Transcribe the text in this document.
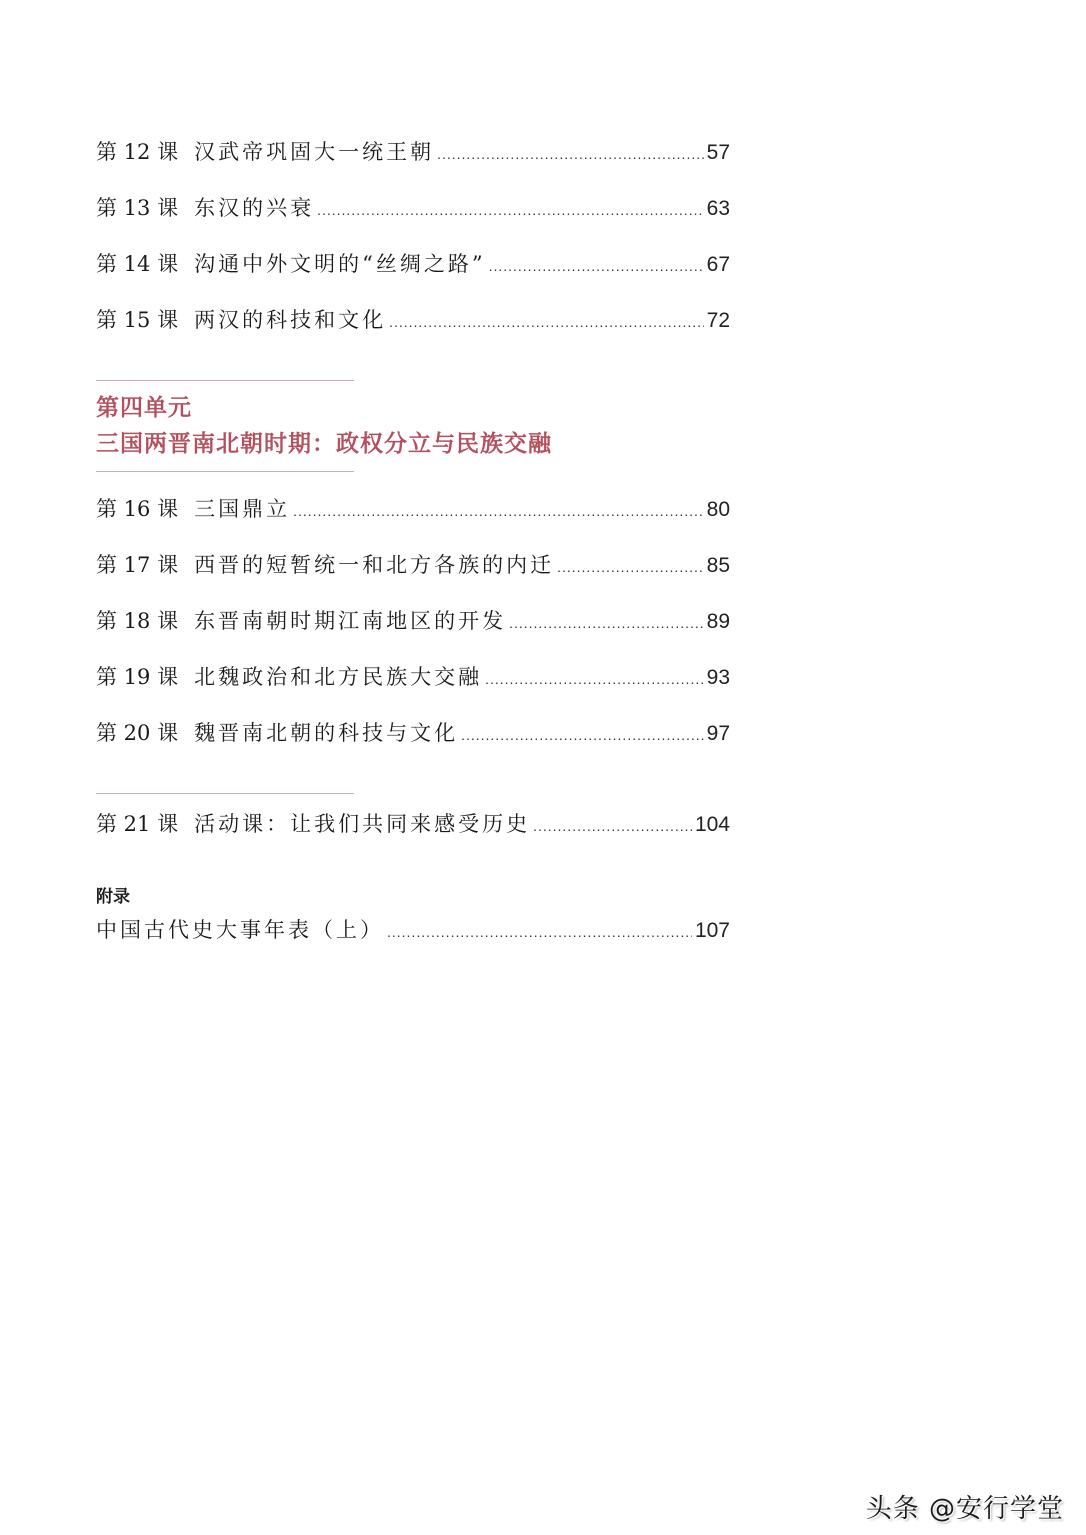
第 12 课 汉武帝巩固大一统王朝 .....	57
第 13 课 东汉的兴衰 .....	63
第 14 课 沟通中外文明的“丝绸之路” .....	67
第 15 课 两汉的科技和文化 .....	72
第四单元
三国两晋南北朝时期：政权分立与民族交融
第 16 课 三国鼎立 .....	80
第 17 课 西晋的短暂统一和北方各族的内迁 .....	85
第 18 课 东晋南朝时期江南地区的开发 .....	89
第 19 课 北魏政治和北方民族大交融 .....	93
第 20 课 魏晋南北朝的科技与文化 .....	97
第 21 课 活动课：让我们共同来感受历史 .....	104
附录
中国古代史大事年表（上） .....	107
头条 @安行学堂
